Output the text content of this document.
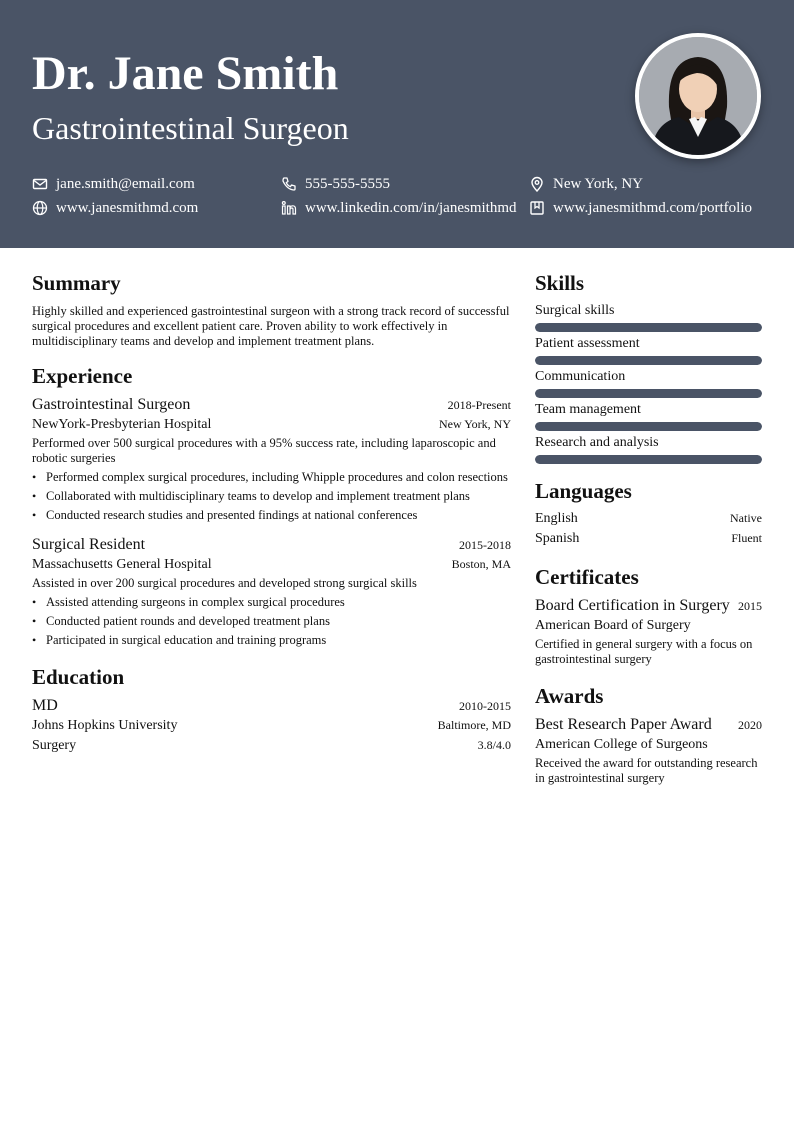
Dr. Jane Smith
Gastrointestinal Surgeon
jane.smith@email.com	555-555-5555	New York, NY
www.janesmithmd.com	www.linkedin.com/in/janesmithmd www.janesmithmd.com/portfolio
Summary
Highly skilled and experienced gastrointestinal surgeon with a strong track record of successful surgical procedures and excellent patient care. Proven ability to work effectively in multidisciplinary teams and develop and implement treatment plans.
Experience
Gastrointestinal Surgeon	2018-Present
NewYork-Presbyterian Hospital	New York, NY
Performed over 500 surgical procedures with a 95% success rate, including laparoscopic and robotic surgeries
• Performed complex surgical procedures, including Whipple procedures and colon resections
• Collaborated with multidisciplinary teams to develop and implement treatment plans
• Conducted research studies and presented findings at national conferences
Surgical Resident	2015-2018
Massachusetts General Hospital	Boston, MA
Assisted in over 200 surgical procedures and developed strong surgical skills
• Assisted attending surgeons in complex surgical procedures
• Conducted patient rounds and developed treatment plans
• Participated in surgical education and training programs
Education
MD	2010-2015
Johns Hopkins University	Baltimore, MD
Surgery	3.8/4.0
Skills
Surgical skills
Patient assessment
Communication
Team management
Research and analysis
Languages
English	Native
Spanish	Fluent
Certificates
Board Certification in Surgery 2015
American Board of Surgery
Certified in general surgery with a focus on gastrointestinal surgery
Awards
Best Research Paper Award 2020
American College of Surgeons
Received the award for outstanding research in gastrointestinal surgery
